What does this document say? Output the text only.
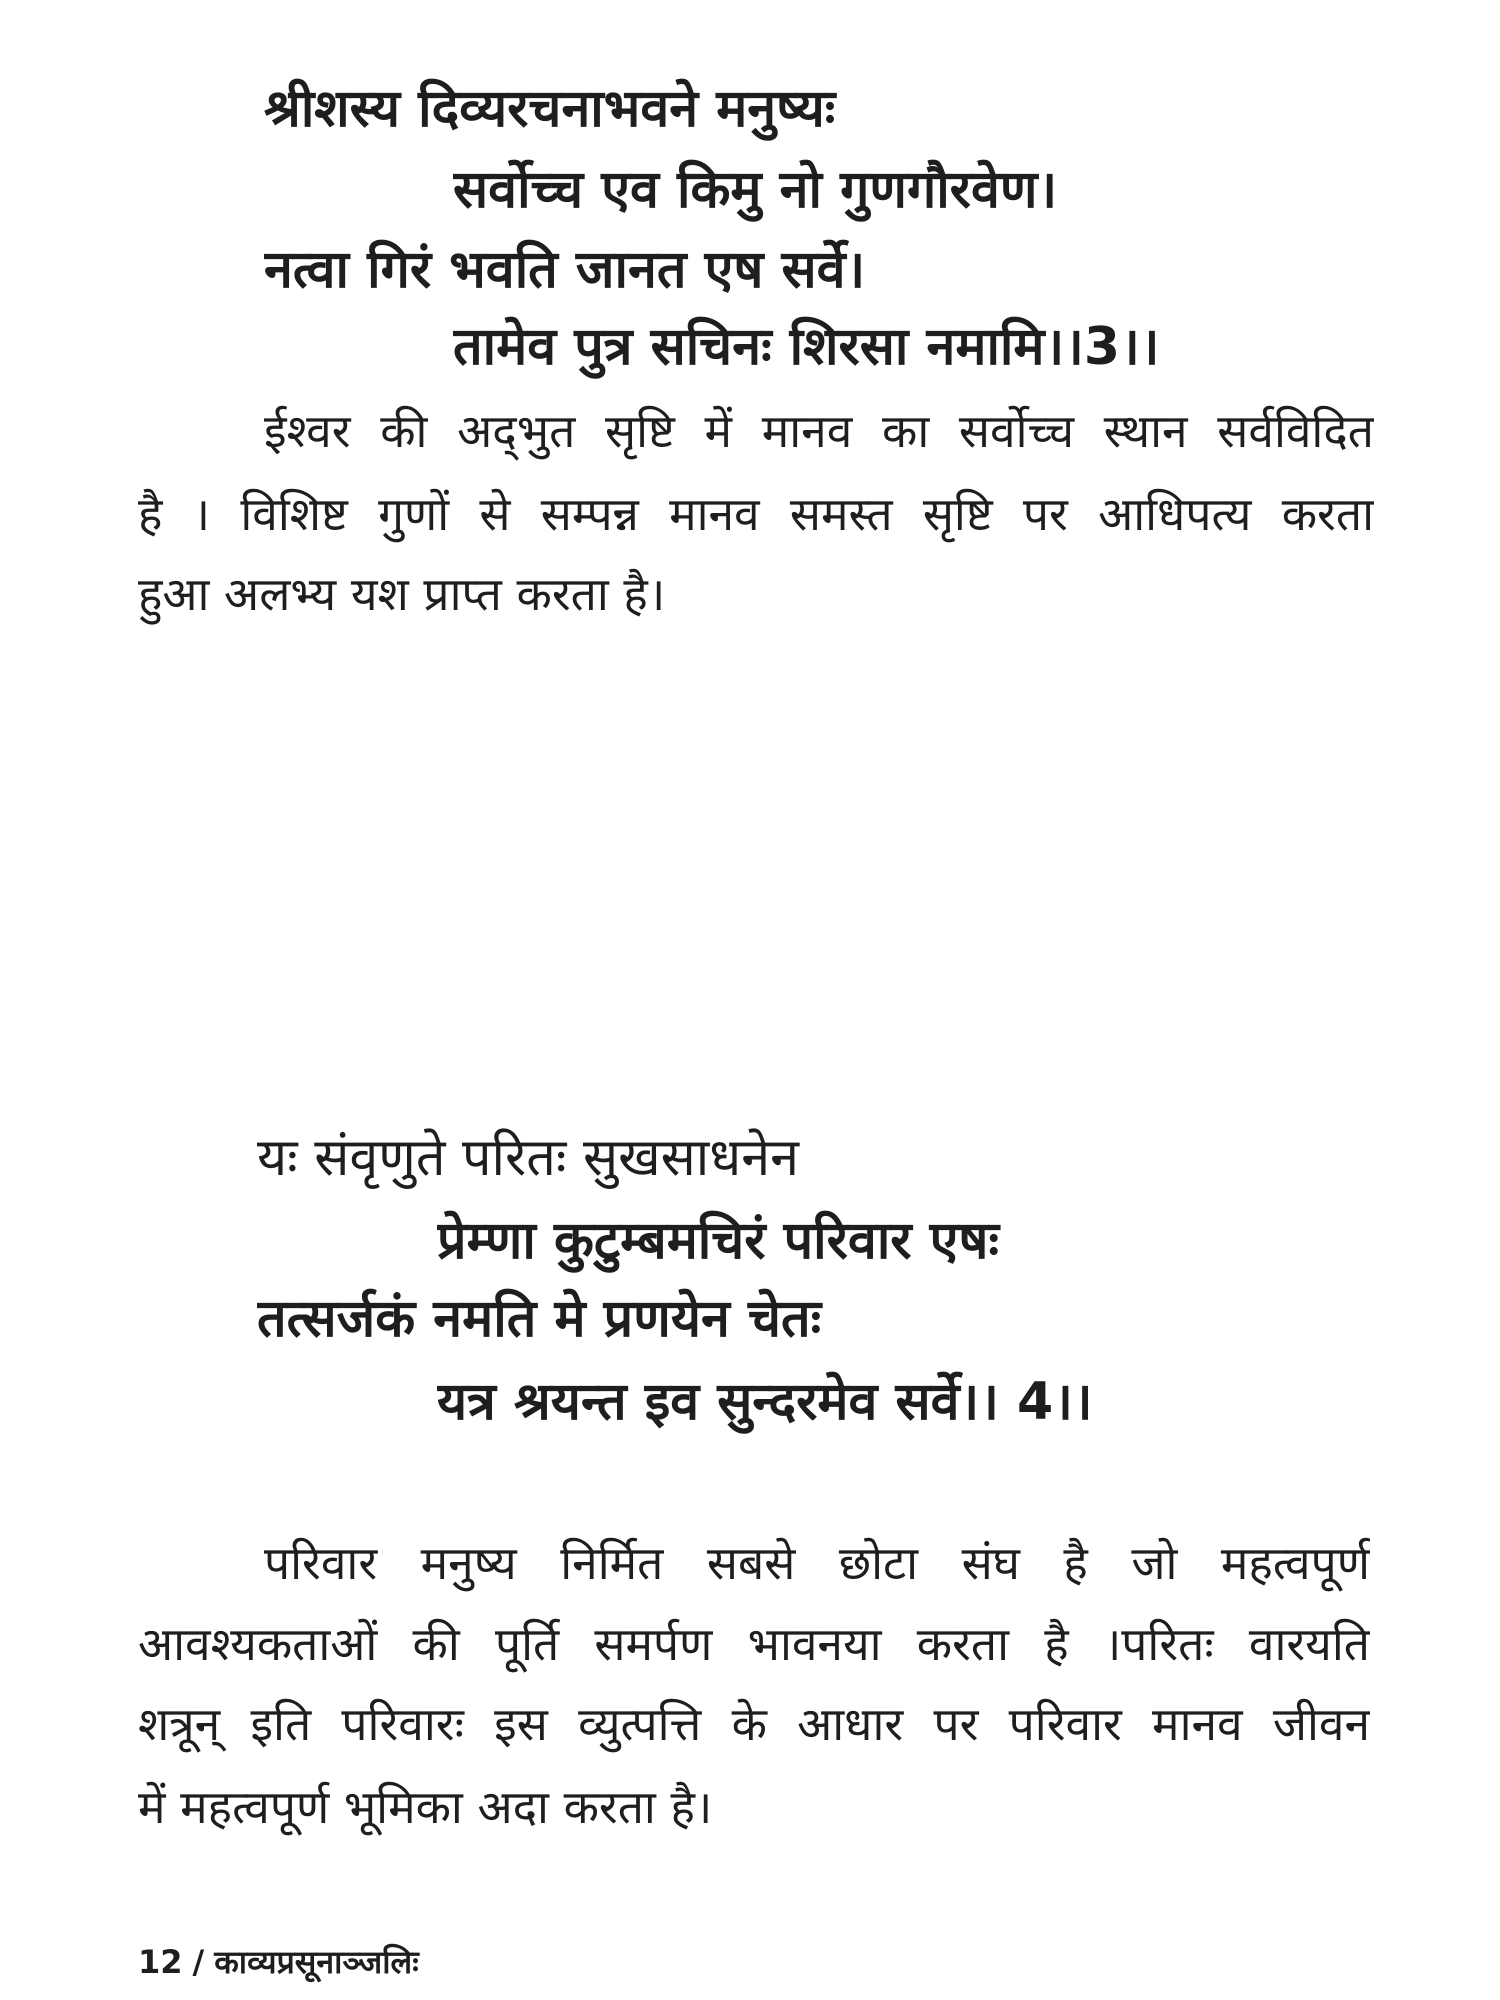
श्रीशस्य दिव्यरचनाभवने मनुष्यः
सर्वोच्च एव किमु नो गुणगौरवेण।
नत्वा गिरं भवति जानत एष सर्वे।
तामेव पुत्र सचिनः शिरसा नमामि।।3।।
ईश्वर की अद्‌भुत सृष्टि में मानव का सर्वोच्च स्थान सर्वविदित
है । विशिष्ट गुणों से सम्पन्न मानव समस्त सृष्टि पर आधिपत्य करता
हुआ अलभ्य यश प्राप्त करता है।
यः संवृणुते परितः सुखसाधनेन
प्रेम्णा कुटुम्बमचिरं परिवार एषः
तत्सर्जकं नमति मे प्रणयेन चेतः
यत्र श्रयन्त इव सुन्दरमेव सर्वे।। 4।।
परिवार मनुष्य निर्मित सबसे छोटा संघ है जो महत्वपूर्ण
आवश्यकताओं की पूर्ति समर्पण भावनया करता है ।परितः वारयति
शत्रून् इति परिवारः इस व्युत्पत्ति के आधार पर परिवार मानव जीवन
में महत्वपूर्ण भूमिका अदा करता है।
12 / काव्यप्रसूनाञ्जलिः
